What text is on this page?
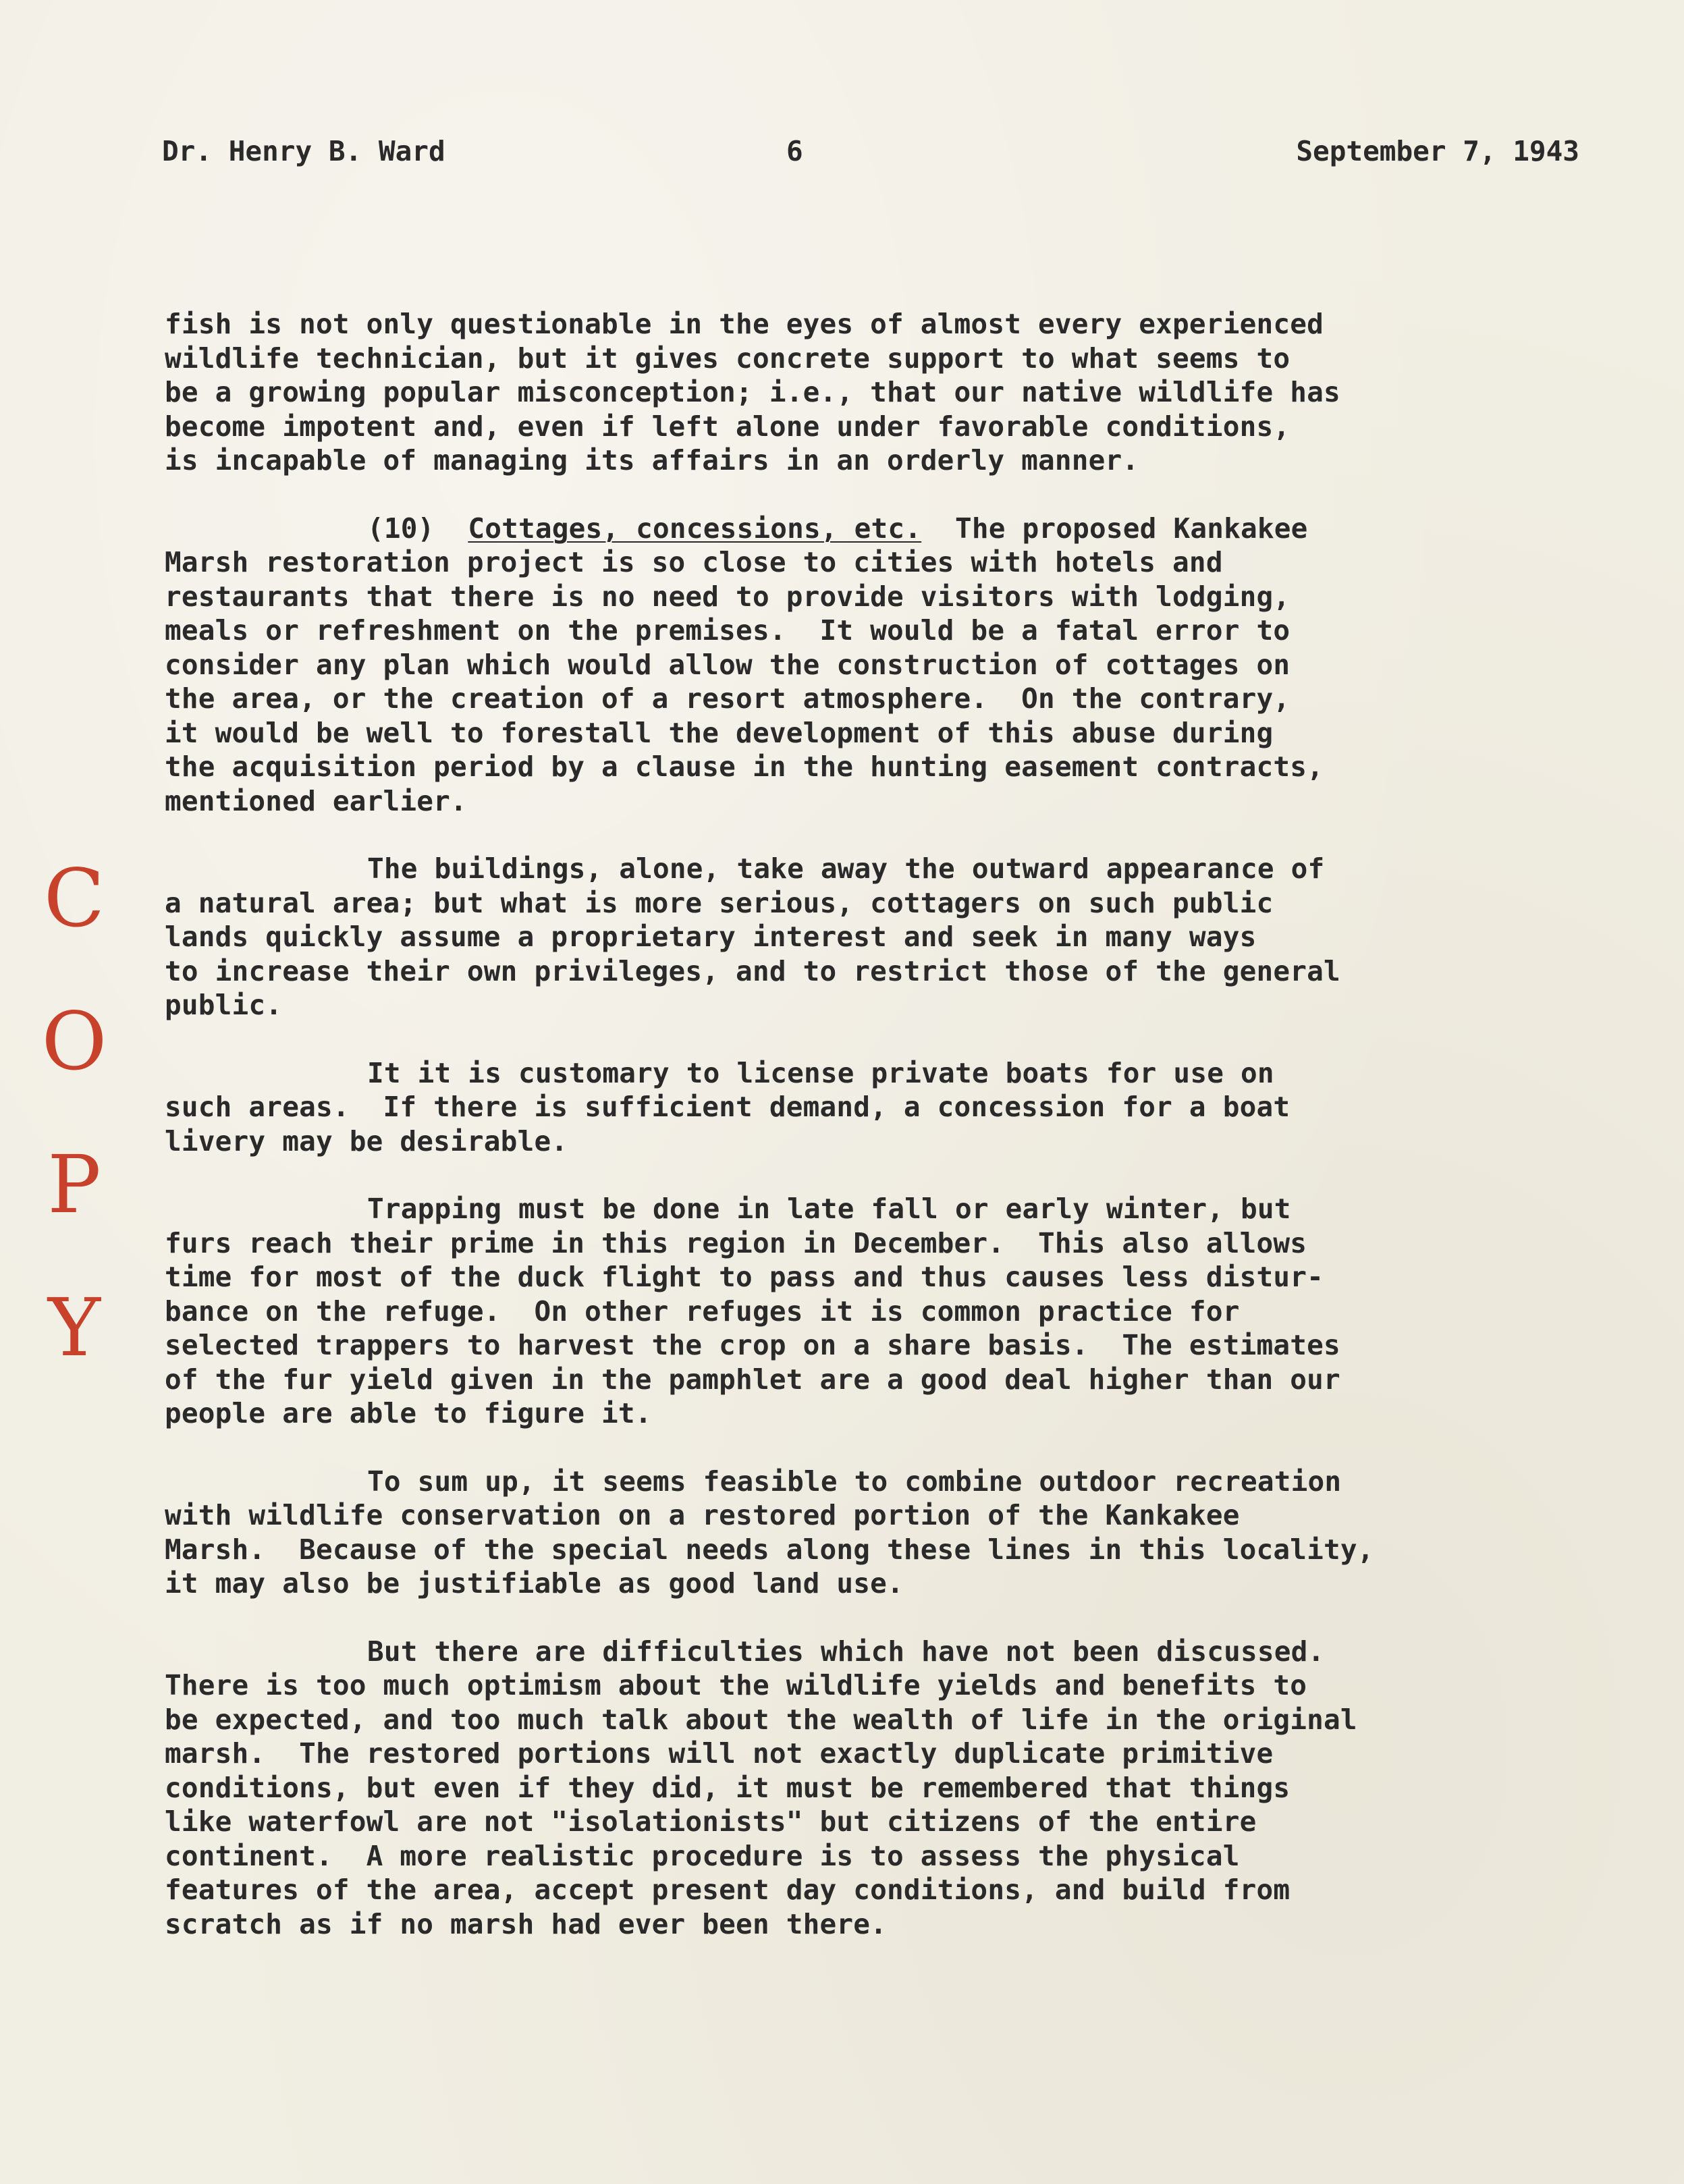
Dr. Henry B. Ward	6	September 7, 1943
C
O
P
Y
fish is not only questionable in the eyes of almost every experienced
wildlife technician, but it gives concrete support to what seems to
be a growing popular misconception; i.e., that our native wildlife has
become impotent and, even if left alone under favorable conditions,
is incapable of managing its affairs in an orderly manner.
(10)  Cottages, concessions, etc.  The proposed Kankakee
Marsh restoration project is so close to cities with hotels and
restaurants that there is no need to provide visitors with lodging,
meals or refreshment on the premises.  It would be a fatal error to
consider any plan which would allow the construction of cottages on
the area, or the creation of a resort atmosphere.  On the contrary,
it would be well to forestall the development of this abuse during
the acquisition period by a clause in the hunting easement contracts,
mentioned earlier.
The buildings, alone, take away the outward appearance of
a natural area; but what is more serious, cottagers on such public
lands quickly assume a proprietary interest and seek in many ways
to increase their own privileges, and to restrict those of the general
public.
It it is customary to license private boats for use on
such areas.  If there is sufficient demand, a concession for a boat
livery may be desirable.
Trapping must be done in late fall or early winter, but
furs reach their prime in this region in December.  This also allows
time for most of the duck flight to pass and thus causes less distur-
bance on the refuge.  On other refuges it is common practice for
selected trappers to harvest the crop on a share basis.  The estimates
of the fur yield given in the pamphlet are a good deal higher than our
people are able to figure it.
To sum up, it seems feasible to combine outdoor recreation
with wildlife conservation on a restored portion of the Kankakee
Marsh.  Because of the special needs along these lines in this locality,
it may also be justifiable as good land use.
But there are difficulties which have not been discussed.
There is too much optimism about the wildlife yields and benefits to
be expected, and too much talk about the wealth of life in the original
marsh.  The restored portions will not exactly duplicate primitive
conditions, but even if they did, it must be remembered that things
like waterfowl are not "isolationists" but citizens of the entire
continent.  A more realistic procedure is to assess the physical
features of the area, accept present day conditions, and build from
scratch as if no marsh had ever been there.
